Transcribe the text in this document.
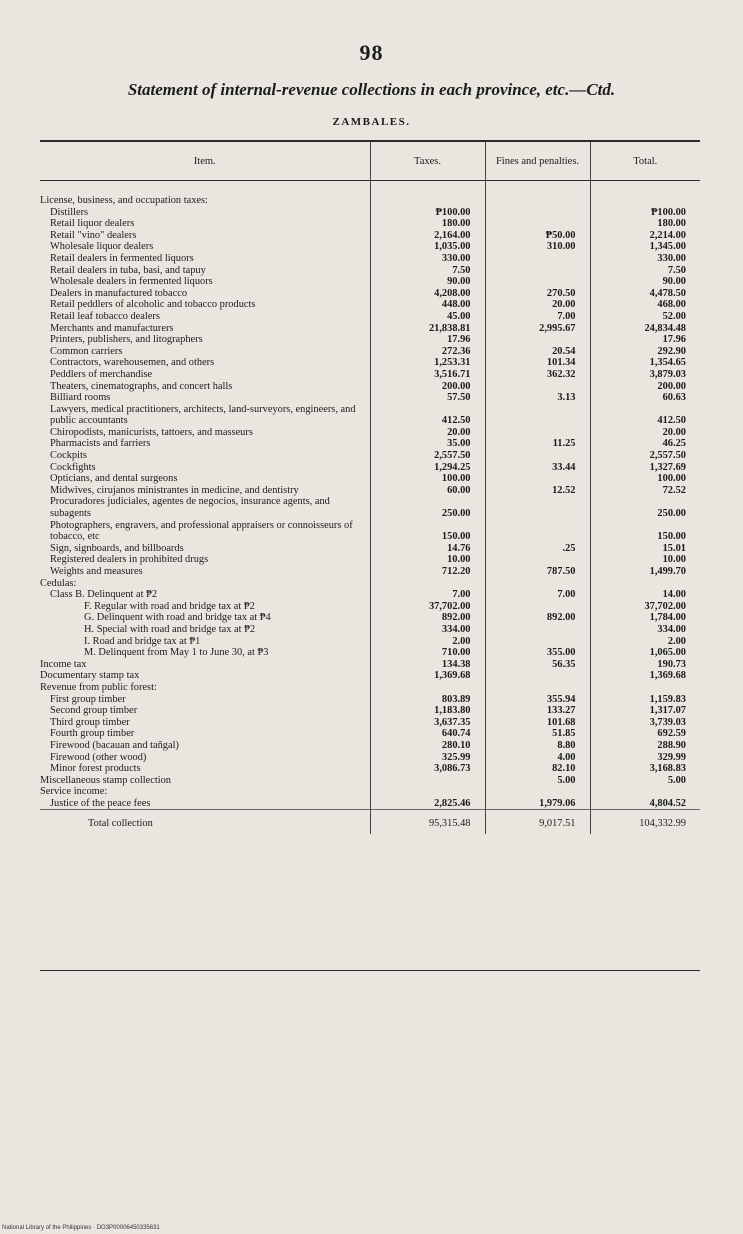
98
Statement of internal-revenue collections in each province, etc.—Ctd.
ZAMBALES.
Item.	Taxes.	Fines and penalties.	Total.

License, business, and occupation taxes:			
Distillers	₱100.00		₱100.00
Retail liquor dealers	180.00		180.00
Retail "vino" dealers	2,164.00	₱50.00	2,214.00
Wholesale liquor dealers	1,035.00	310.00	1,345.00
Retail dealers in fermented liquors	330.00		330.00
Retail dealers in tuba, basi, and tapuy	7.50		7.50
Wholesale dealers in fermented liquors	90.00		90.00
Dealers in manufactured tobacco	4,208.00	270.50	4,478.50
Retail peddlers of alcoholic and tobacco products	448.00	20.00	468.00
Retail leaf tobacco dealers	45.00	7.00	52.00
Merchants and manufacturers	21,838.81	2,995.67	24,834.48
Printers, publishers, and litographers	17.96		17.96
Common carriers	272.36	20.54	292.90
Contractors, warehousemen, and others	1,253.31	101.34	1,354.65
Peddlers of merchandise	3,516.71	362.32	3,879.03
Theaters, cinematographs, and concert halls	200.00		200.00
Billiard rooms	57.50	3.13	60.63
Lawyers, medical practitioners, architects, land-surveyors, engineers, and public accountants	412.50		412.50
Chiropodists, manicurists, tattoers, and masseurs	20.00		20.00
Pharmacists and farriers	35.00	11.25	46.25
Cockpits	2,557.50		2,557.50
Cockfights	1,294.25	33.44	1,327.69
Opticians, and dental surgeons	100.00		100.00
Midwives, cirujanos ministrantes in medicine, and dentistry	60.00	12.52	72.52
Procuradores judiciales, agentes de negocios, insurance agents, and subagents	250.00		250.00
Photographers, engravers, and professional appraisers or connoisseurs of tobacco, etc	150.00		150.00
Sign, signboards, and billboards	14.76	.25	15.01
Registered dealers in prohibited drugs	10.00		10.00
Weights and measures	712.20	787.50	1,499.70
Cedulas:			
Class B. Delinquent at ₱2	7.00	7.00	14.00
F. Regular with road and bridge tax at ₱2	37,702.00		37,702.00
G. Delinquent with road and bridge tax at ₱4	892.00	892.00	1,784.00
H. Special with road and bridge tax at ₱2	334.00		334.00
I. Road and bridge tax at ₱1	2.00		2.00
M. Delinquent from May 1 to June 30, at ₱3	710.00	355.00	1,065.00
Income tax	134.38	56.35	190.73
Documentary stamp tax	1,369.68		1,369.68
Revenue from public forest:			
First group timber	803.89	355.94	1,159.83
Second group timber	1,183.80	133.27	1,317.07
Third group timber	3,637.35	101.68	3,739.03
Fourth group timber	640.74	51.85	692.59
Firewood (bacauan and tañgal)	280.10	8.80	288.90
Firewood (other wood)	325.99	4.00	329.99
Minor forest products	3,086.73	82.10	3,168.83
Miscellaneous stamp collection		5.00	5.00
Service income:			
Justice of the peace fees	2,825.46	1,979.06	4,804.52
Total collection	95,315.48	9,017.51	104,332.99
National Library of the Philippines · DO3P00006450335631
